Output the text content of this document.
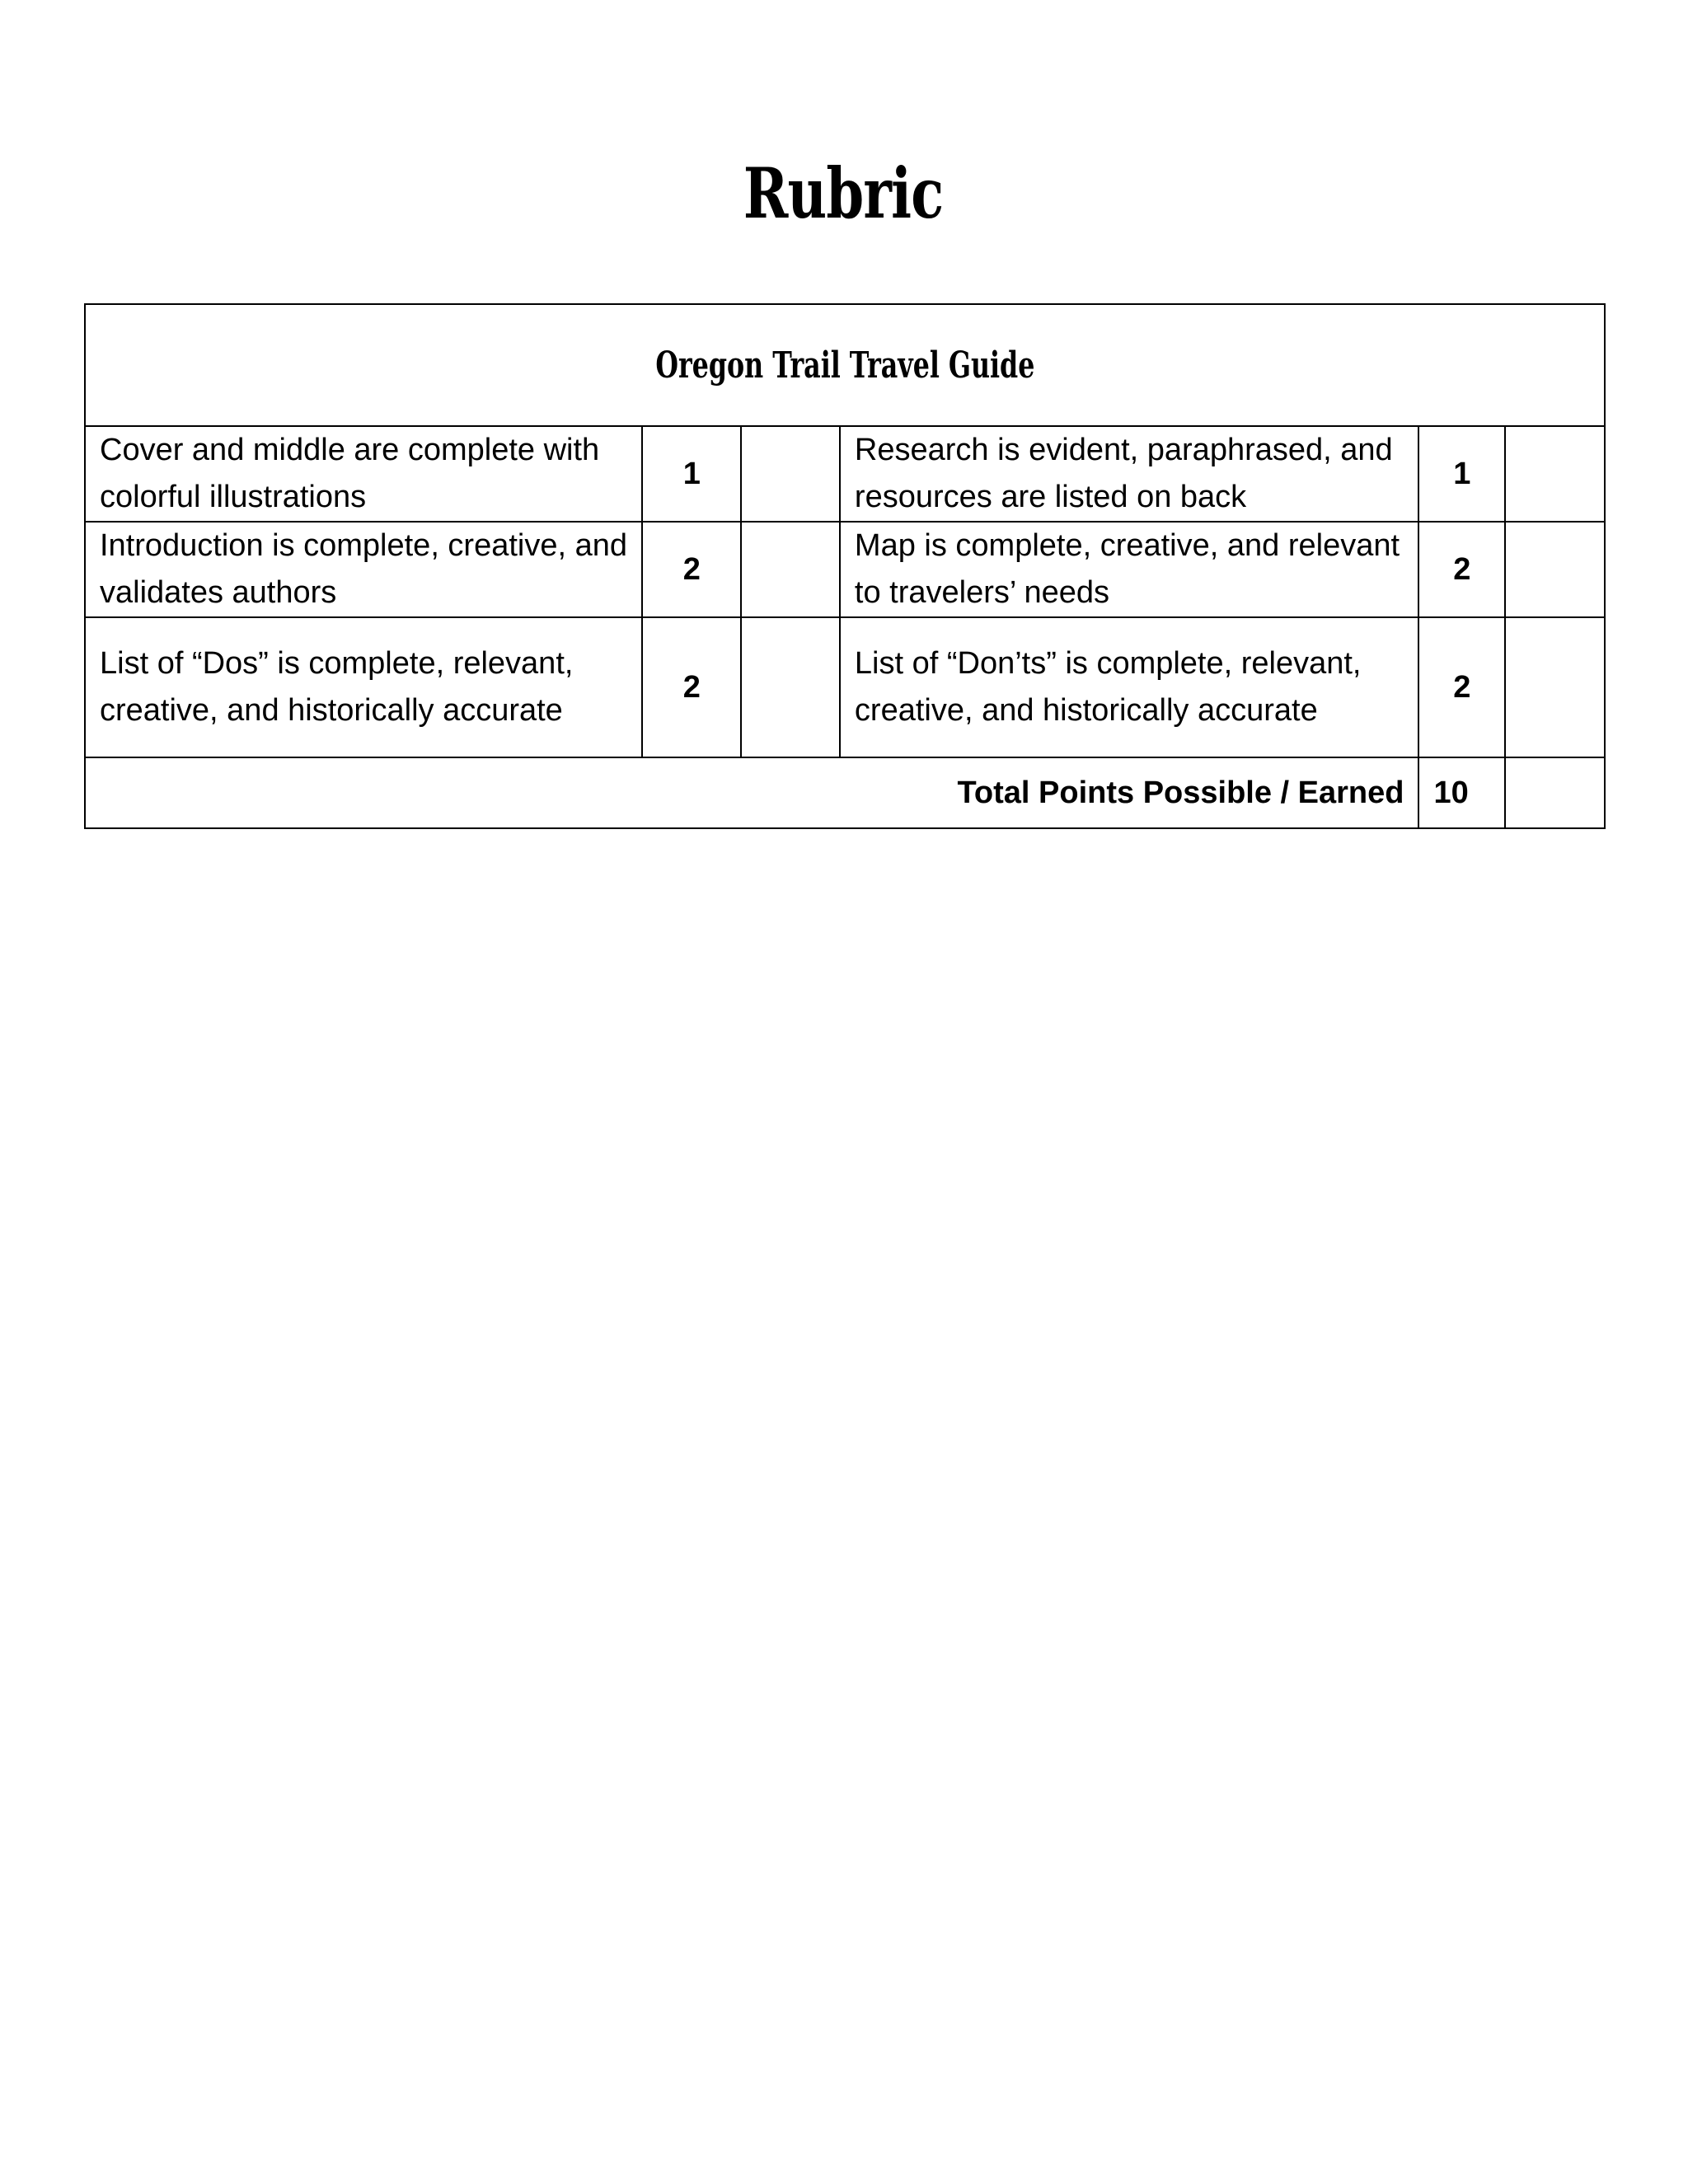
Rubric
Oregon Trail Travel Guide					
Cover and middle are complete with colorful illustrations	1		Research is evident, paraphrased, and resources are listed on back	1	
Introduction is complete, creative, and validates authors	2		Map is complete, creative, and relevant to travelers’ needs	2	
List of “Dos” is complete, relevant, creative, and historically accurate	2		List of “Don’ts” is complete, relevant, creative, and historically accurate	2	
Total Points Possible / Earned				10	
